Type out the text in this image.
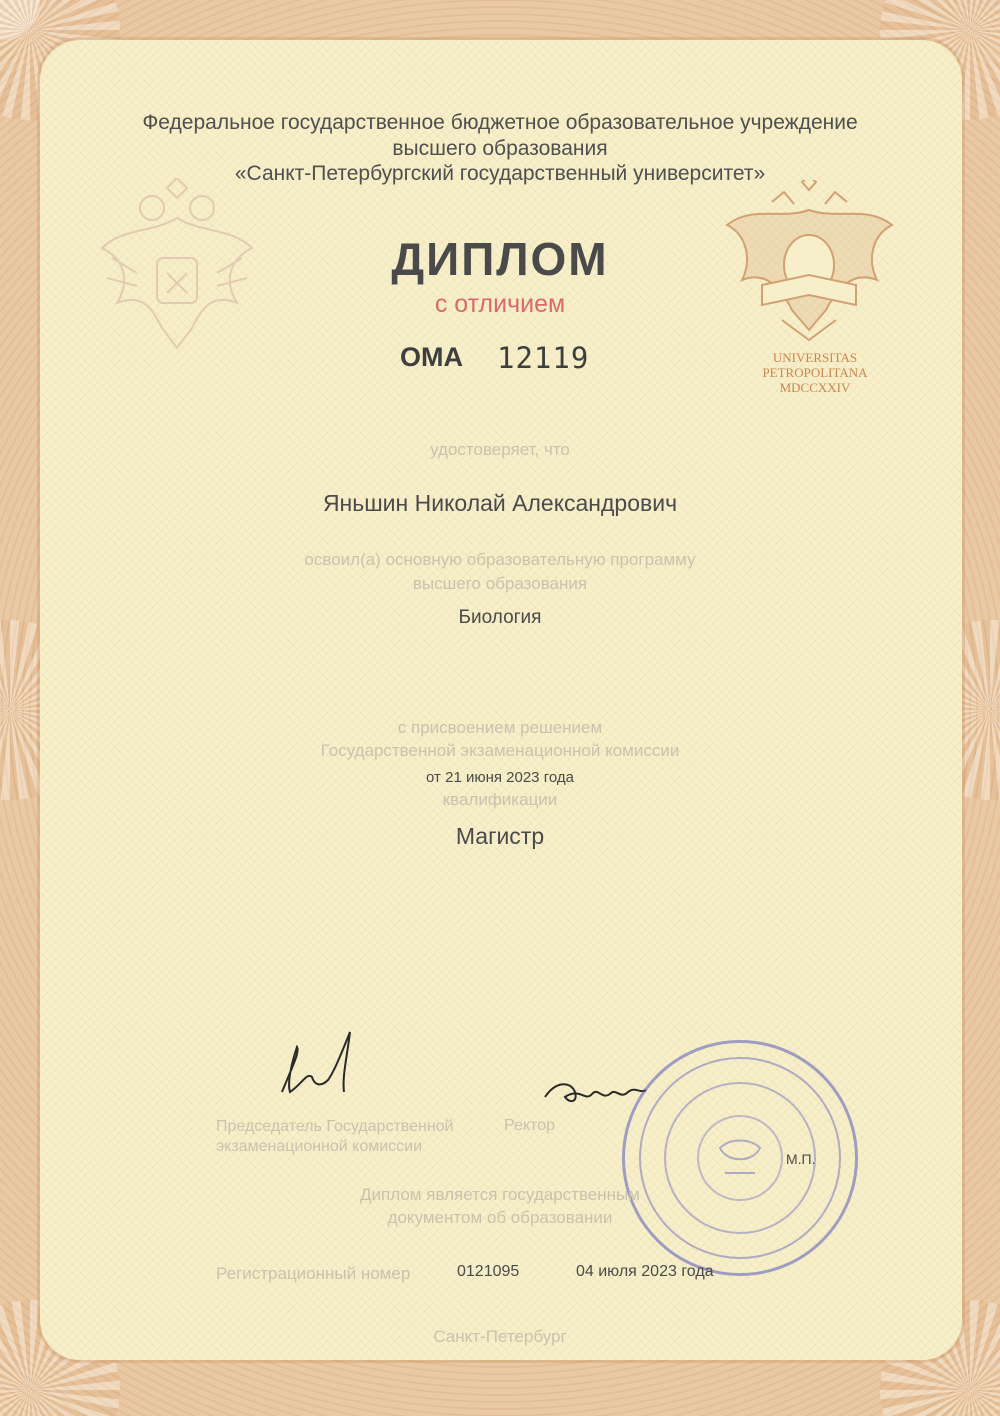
Федеральное государственное бюджетное образовательное учреждение
высшего образования
«Санкт-Петербургский государственный университет»
UNIVERSITAS
PETROPOLITANA
MDCCXXIV
ДИПЛОМ
с отличием
ОМА 12119
удостоверяет, что
Яньшин Николай Александрович
освоил(а) основную образовательную программу
высшего образования
Биология
с присвоением решением
Государственной экзаменационной комиссии
от 21 июня 2023 года
квалификации
Магистр
Председатель Государственной
экзаменационной комиссии
Ректор
М.П.
Диплом является государственным
документом об образовании
Регистрационный номер	0121095	04 июля 2023 года
Санкт-Петербург
